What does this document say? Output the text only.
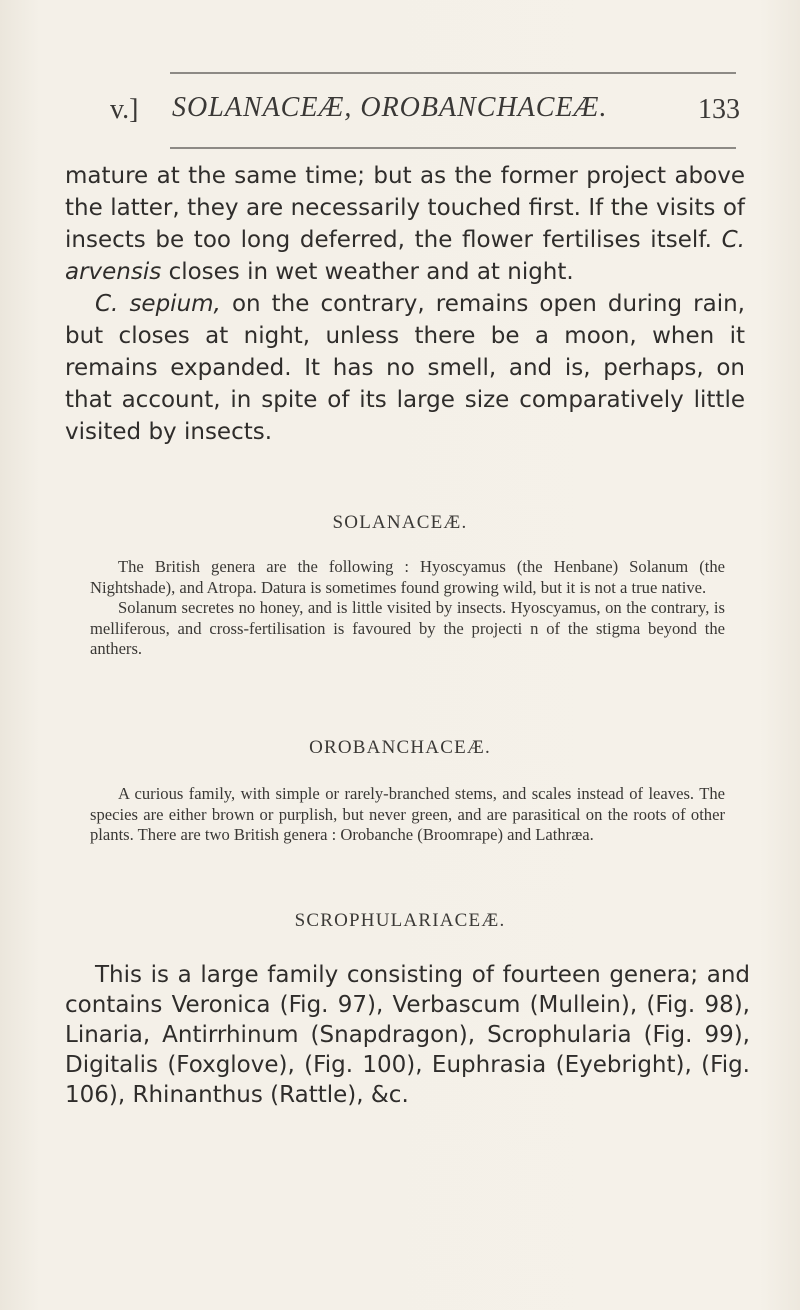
v.] SOLANACEÆ, OROBANCHACEÆ.	133

mature at the same time; but as the former project above the latter, they are necessarily touched first. If the visits of insects be too long deferred, the flower fertilises itself. C. arvensis closes in wet weather and at night.

C. sepium, on the contrary, remains open during rain, but closes at night, unless there be a moon, when it remains expanded. It has no smell, and is, perhaps, on that account, in spite of its large size comparatively little visited by insects.

SOLANACEÆ.

The British genera are the following : Hyoscyamus (the Henbane) Solanum (the Nightshade), and Atropa. Datura is sometimes found growing wild, but it is not a true native.

Solanum secretes no honey, and is little visited by insects. Hyoscyamus, on the contrary, is melliferous, and cross-fertilisation is favoured by the projecti n of the stigma beyond the anthers.

OROBANCHACEÆ.

A curious family, with simple or rarely-branched stems, and scales instead of leaves. The species are either brown or purplish, but never green, and are parasitical on the roots of other plants. There are two British genera : Orobanche (Broomrape) and Lathræa.

SCROPHULARIACEÆ.

This is a large family consisting of fourteen genera; and contains Veronica (Fig. 97), Verbascum (Mullein), (Fig. 98), Linaria, Antirrhinum (Snapdragon), Scrophularia (Fig. 99), Digitalis (Foxglove), (Fig. 100), Euphrasia (Eyebright), (Fig. 106), Rhinanthus (Rattle), &c.
